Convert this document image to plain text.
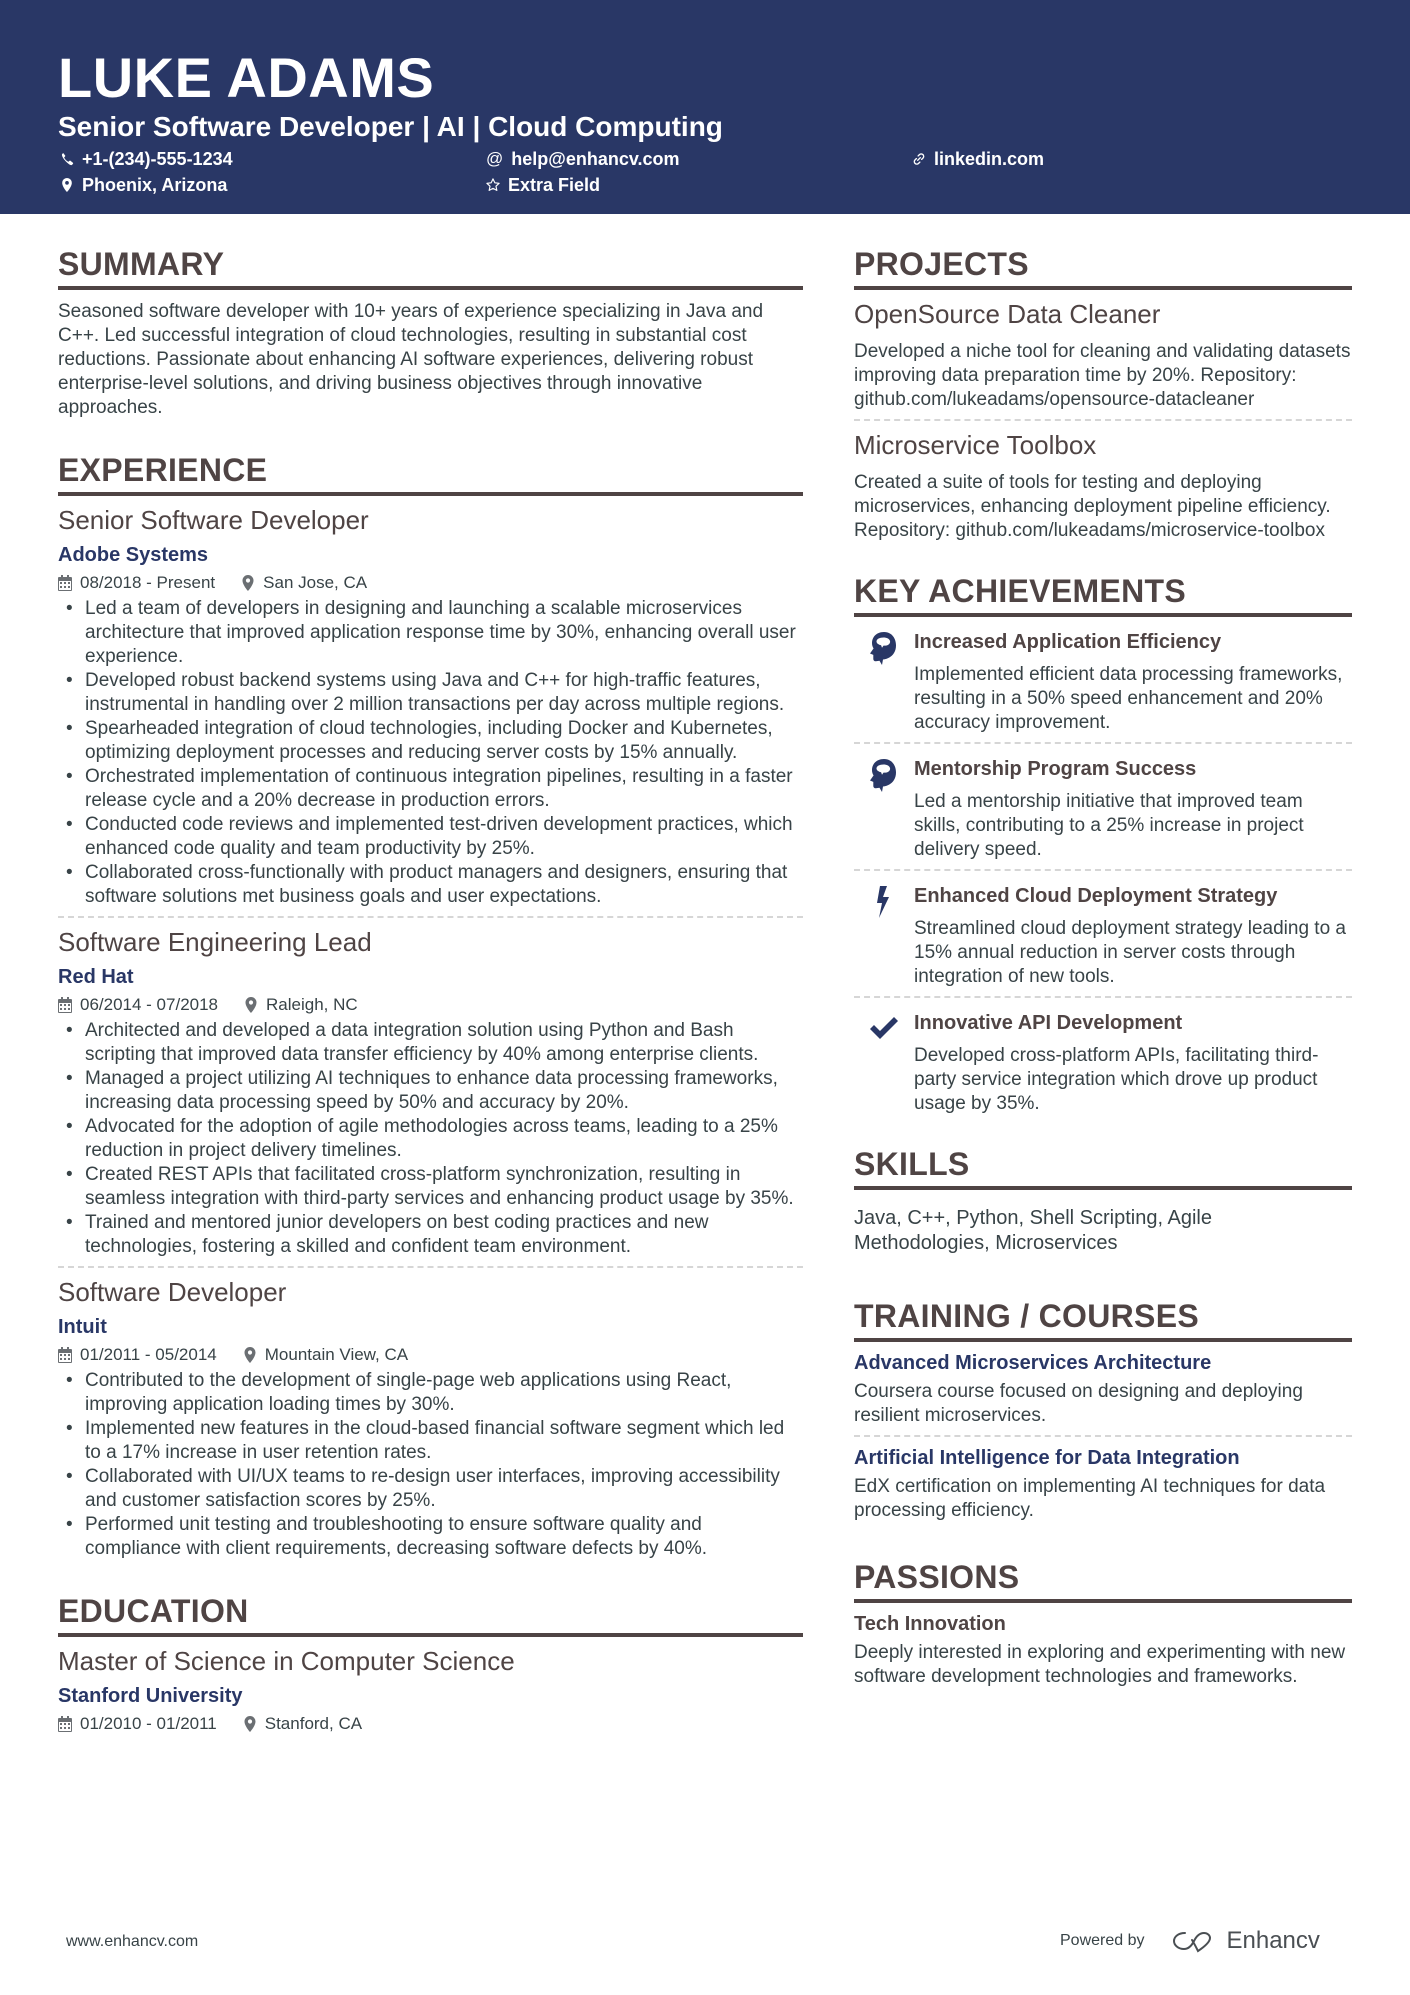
LUKE ADAMS
Senior Software Developer | AI | Cloud Computing
+1-(234)-555-1234	@ help@enhancv.com	linkedin.com
Phoenix, Arizona	Extra Field
SUMMARY

Seasoned software developer with 10+ years of experience specializing in Java and C++. Led successful integration of cloud technologies, resulting in substantial cost reductions. Passionate about enhancing AI software experiences, delivering robust enterprise-level solutions, and driving business objectives through innovative approaches.

EXPERIENCE
Senior Software Developer
Adobe Systems
08/2018 - Present	San Jose, CA
• Led a team of developers in designing and launching a scalable microservices architecture that improved application response time by 30%, enhancing overall user experience.
• Developed robust backend systems using Java and C++ for high-traffic features, instrumental in handling over 2 million transactions per day across multiple regions.
• Spearheaded integration of cloud technologies, including Docker and Kubernetes, optimizing deployment processes and reducing server costs by 15% annually.
• Orchestrated implementation of continuous integration pipelines, resulting in a faster release cycle and a 20% decrease in production errors.
• Conducted code reviews and implemented test-driven development practices, which enhanced code quality and team productivity by 25%.
• Collaborated cross-functionally with product managers and designers, ensuring that software solutions met business goals and user expectations.
Software Engineering Lead
Red Hat
06/2014 - 07/2018	Raleigh, NC
• Architected and developed a data integration solution using Python and Bash scripting that improved data transfer efficiency by 40% among enterprise clients.
• Managed a project utilizing AI techniques to enhance data processing frameworks, increasing data processing speed by 50% and accuracy by 20%.
• Advocated for the adoption of agile methodologies across teams, leading to a 25% reduction in project delivery timelines.
• Created REST APIs that facilitated cross-platform synchronization, resulting in seamless integration with third-party services and enhancing product usage by 35%.
• Trained and mentored junior developers on best coding practices and new technologies, fostering a skilled and confident team environment.
Software Developer
Intuit
01/2011 - 05/2014	Mountain View, CA
• Contributed to the development of single-page web applications using React, improving application loading times by 30%.
• Implemented new features in the cloud-based financial software segment which led to a 17% increase in user retention rates.
• Collaborated with UI/UX teams to re-design user interfaces, improving accessibility and customer satisfaction scores by 25%.
• Performed unit testing and troubleshooting to ensure software quality and compliance with client requirements, decreasing software defects by 40%.
EDUCATION
Master of Science in Computer Science
Stanford University
01/2010 - 01/2011	Stanford, CA
PROJECTS
OpenSource Data Cleaner

Developed a niche tool for cleaning and validating datasets improving data preparation time by 20%. Repository: github.com/lukeadams/opensource-datacleaner

Microservice Toolbox

Created a suite of tools for testing and deploying microservices, enhancing deployment pipeline efficiency. Repository: github.com/lukeadams/microservice-toolbox

KEY ACHIEVEMENTS
Increased Application Efficiency

Implemented efficient data processing frameworks, resulting in a 50% speed enhancement and 20% accuracy improvement.

Mentorship Program Success

Led a mentorship initiative that improved team skills, contributing to a 25% increase in project delivery speed.

Enhanced Cloud Deployment Strategy

Streamlined cloud deployment strategy leading to a 15% annual reduction in server costs through integration of new tools.

Innovative API Development

Developed cross-platform APIs, facilitating third-party service integration which drove up product usage by 35%.

SKILLS

Java, C++, Python, Shell Scripting, Agile Methodologies, Microservices

TRAINING / COURSES
Advanced Microservices Architecture

Coursera course focused on designing and deploying resilient microservices.

Artificial Intelligence for Data Integration

EdX certification on implementing AI techniques for data processing efficiency.

PASSIONS
Tech Innovation

Deeply interested in exploring and experimenting with new software development technologies and frameworks.

www.enhancv.com	Powered by	Enhancv
